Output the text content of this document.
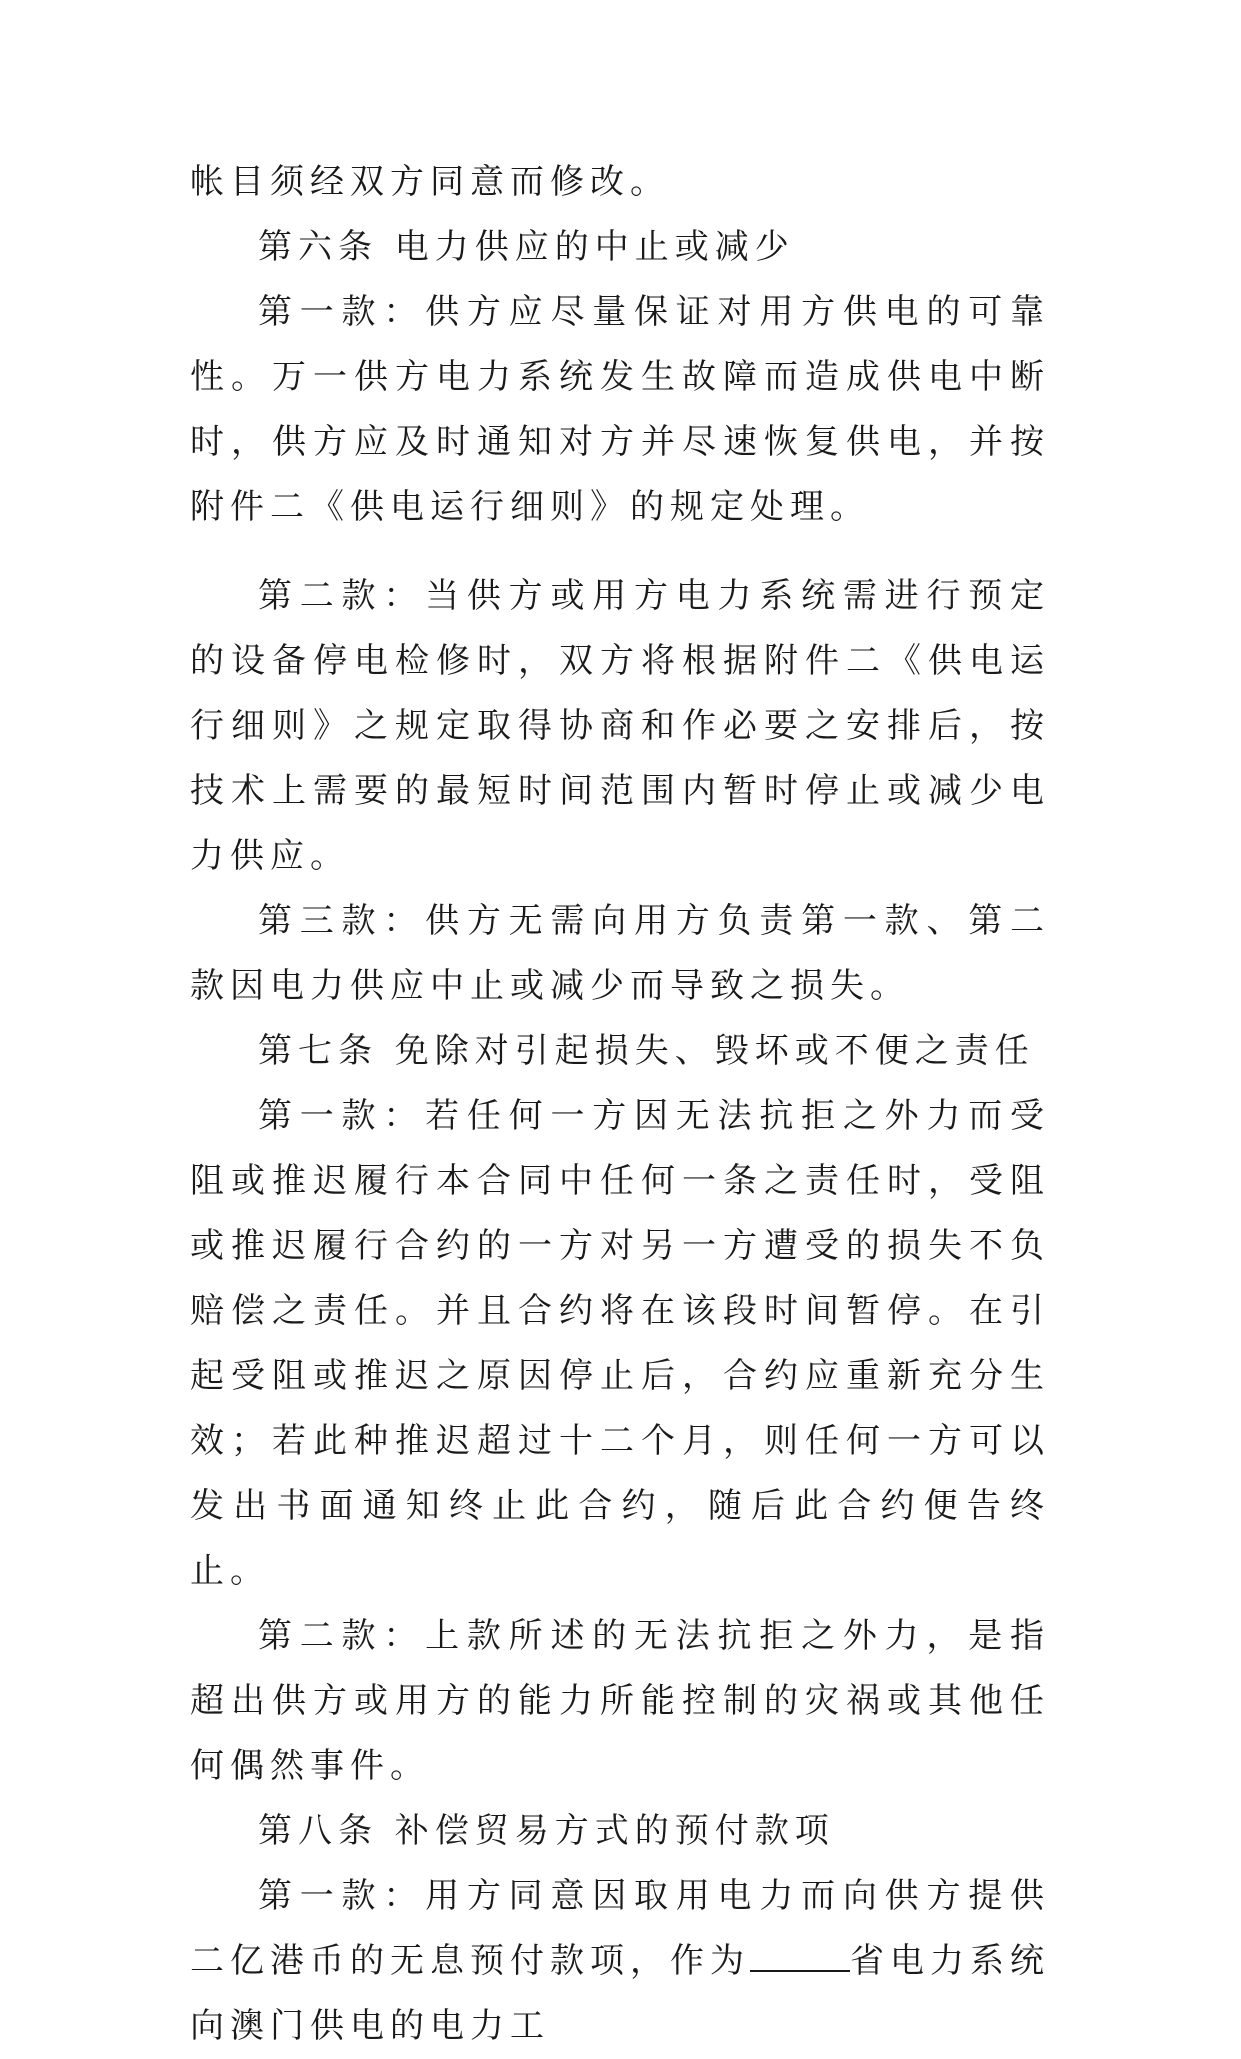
帐目须经双方同意而修改。

第六条 电力供应的中止或减少

第一款：供方应尽量保证对用方供电的可靠性。万一供方电力系统发生故障而造成供电中断时，供方应及时通知对方并尽速恢复供电，并按附件二《供电运行细则》的规定处理。

第二款：当供方或用方电力系统需进行预定的设备停电检修时，双方将根据附件二《供电运行细则》之规定取得协商和作必要之安排后，按技术上需要的最短时间范围内暂时停止或减少电力供应。

第三款：供方无需向用方负责第一款、第二款因电力供应中止或减少而导致之损失。

第七条 免除对引起损失、毁坏或不便之责任

第一款：若任何一方因无法抗拒之外力而受阻或推迟履行本合同中任何一条之责任时，受阻或推迟履行合约的一方对另一方遭受的损失不负赔偿之责任。并且合约将在该段时间暂停。在引起受阻或推迟之原因停止后，合约应重新充分生效；若此种推迟超过十二个月，则任何一方可以发出书面通知终止此合约，随后此合约便告终止。

第二款：上款所述的无法抗拒之外力，是指超出供方或用方的能力所能控制的灾祸或其他任何偶然事件。

第八条 补偿贸易方式的预付款项

第一款：用方同意因取用电力而向供方提供二亿港币的无息预付款项，作为	省电力系统向澳门供电的电力工
